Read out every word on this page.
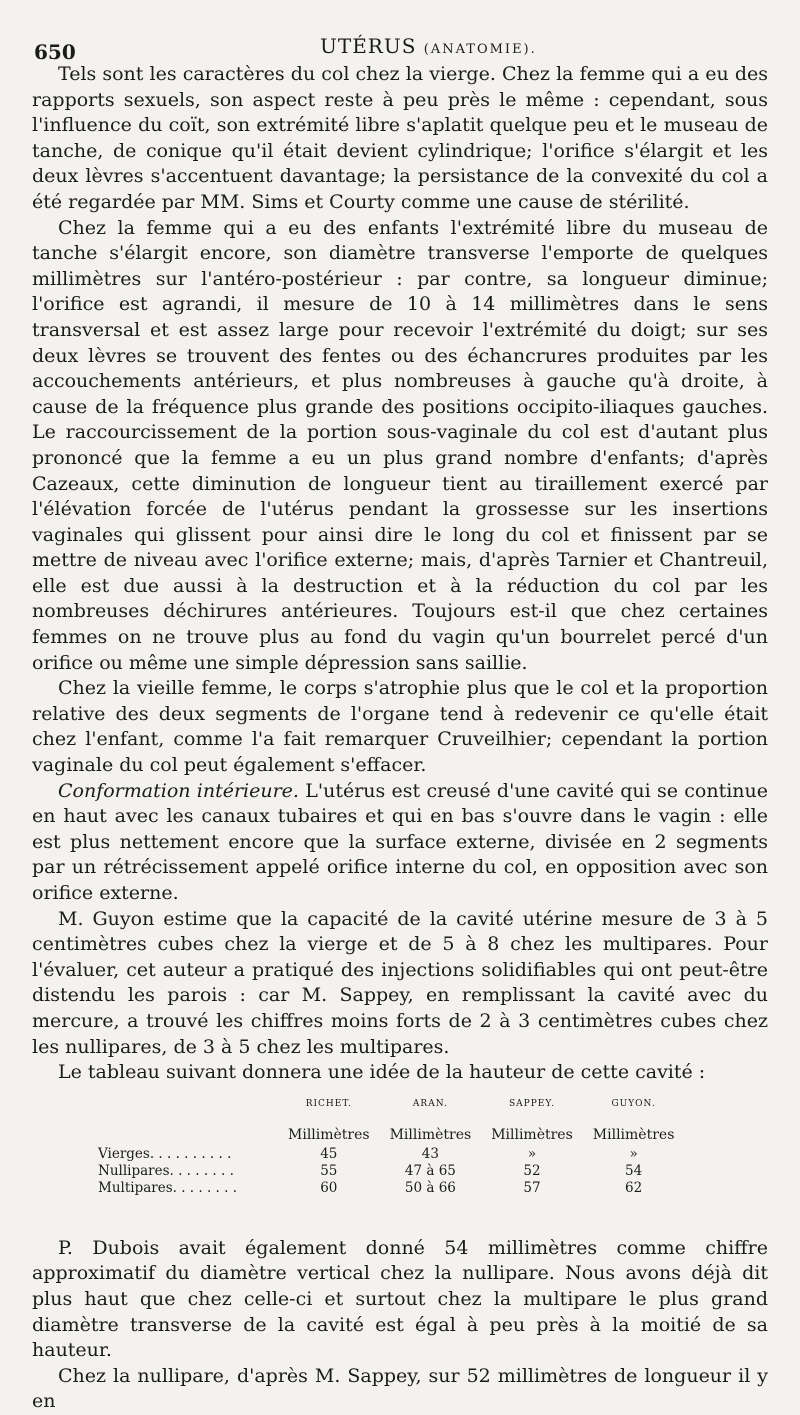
650	UTÉRUS (ANATOMIE).

Tels sont les caractères du col chez la vierge. Chez la femme qui a eu des rapports sexuels, son aspect reste à peu près le même : cependant, sous l'influence du coït, son extrémité libre s'aplatit quelque peu et le museau de tanche, de conique qu'il était devient cylindrique; l'orifice s'élargit et les deux lèvres s'accentuent davantage; la persistance de la convexité du col a été regardée par MM. Sims et Courty comme une cause de stérilité.

Chez la femme qui a eu des enfants l'extrémité libre du museau de tanche s'élargit encore, son diamètre transverse l'emporte de quelques millimètres sur l'antéro-postérieur : par contre, sa longueur diminue; l'orifice est agrandi, il mesure de 10 à 14 millimètres dans le sens transversal et est assez large pour recevoir l'extrémité du doigt; sur ses deux lèvres se trouvent des fentes ou des échancrures produites par les accouchements antérieurs, et plus nombreuses à gauche qu'à droite, à cause de la fréquence plus grande des positions occipito-iliaques gauches. Le raccourcissement de la portion sous-vaginale du col est d'autant plus prononcé que la femme a eu un plus grand nombre d'enfants; d'après Cazeaux, cette diminution de longueur tient au tiraillement exercé par l'élévation forcée de l'utérus pendant la grossesse sur les insertions vaginales qui glissent pour ainsi dire le long du col et finissent par se mettre de niveau avec l'orifice externe; mais, d'après Tarnier et Chantreuil, elle est due aussi à la destruction et à la réduction du col par les nombreuses déchirures antérieures. Toujours est-il que chez certaines femmes on ne trouve plus au fond du vagin qu'un bourrelet percé d'un orifice ou même une simple dépression sans saillie.

Chez la vieille femme, le corps s'atrophie plus que le col et la proportion relative des deux segments de l'organe tend à redevenir ce qu'elle était chez l'enfant, comme l'a fait remarquer Cruveilhier; cependant la portion vaginale du col peut également s'effacer.

Conformation intérieure. L'utérus est creusé d'une cavité qui se continue en haut avec les canaux tubaires et qui en bas s'ouvre dans le vagin : elle est plus nettement encore que la surface externe, divisée en 2 segments par un rétrécissement appelé orifice interne du col, en opposition avec son orifice externe.

M. Guyon estime que la capacité de la cavité utérine mesure de 3 à 5 centimètres cubes chez la vierge et de 5 à 8 chez les multipares. Pour l'évaluer, cet auteur a pratiqué des injections solidifiables qui ont peut-être distendu les parois : car M. Sappey, en remplissant la cavité avec du mercure, a trouvé les chiffres moins forts de 2 à 3 centimètres cubes chez les nullipares, de 3 à 5 chez les multipares.

Le tableau suivant donnera une idée de la hauteur de cette cavité :

	RICHET.	ARAN.	SAPPEY.	GUYON.
	Millimètres	Millimètres	Millimètres	Millimètres
Vierges. . . . . . . . . .	45	43	»	»
Nullipares. . . . . . . .	55	47 à 65	52	54
Multipares. . . . . . . .	60	50 à 66	57	62

P. Dubois avait également donné 54 millimètres comme chiffre approximatif du diamètre vertical chez la nullipare. Nous avons déjà dit plus haut que chez celle-ci et surtout chez la multipare le plus grand diamètre transverse de la cavité est égal à peu près à la moitié de sa hauteur.

Chez la nullipare, d'après M. Sappey, sur 52 millimètres de longueur il y en
